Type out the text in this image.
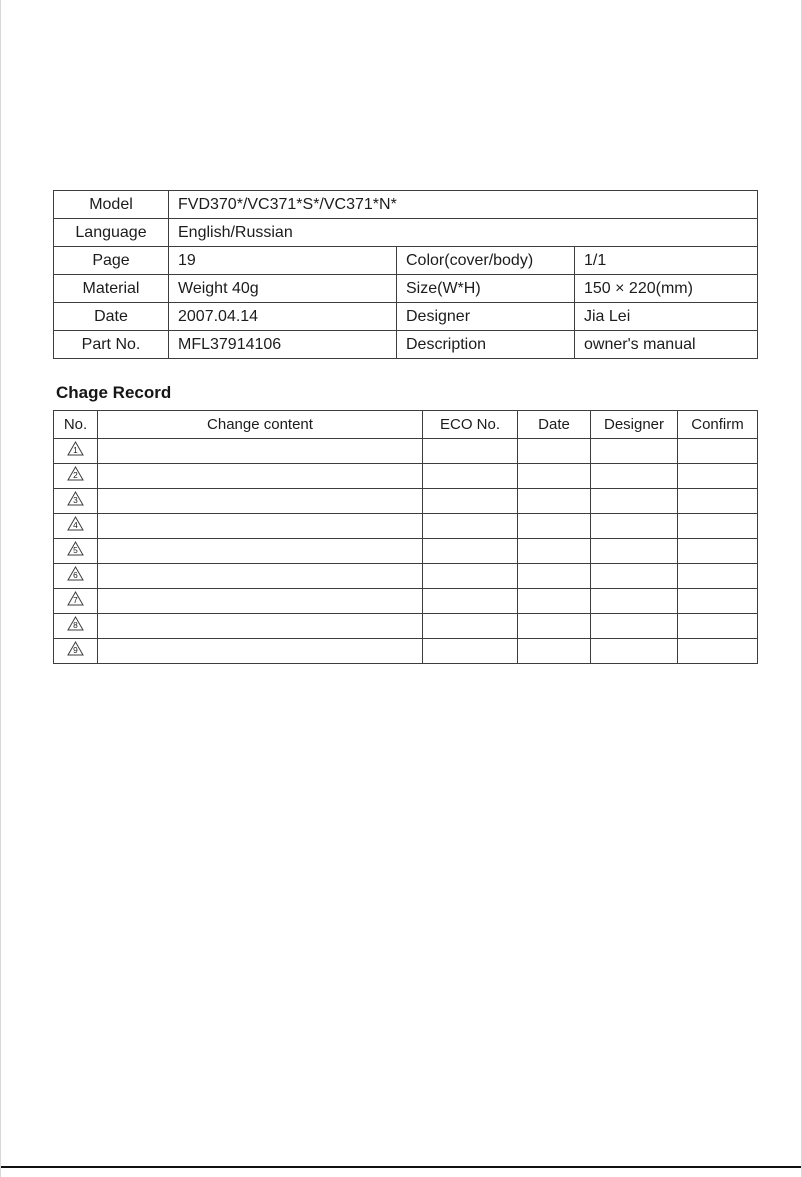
Model	FVD370*/VC371*S*/VC371*N*		
Language	English/Russian		
Page	19	Color(cover/body)	1/1
Material	Weight 40g	Size(W*H)	150 × 220(mm)
Date	2007.04.14	Designer	Jia Lei
Part No.	MFL37914106	Description	owner's manual
Chage Record
No.	Change content	ECO No.	Date	Designer	Confirm

1					

2					

3					

4					

5					

6					

7					

8					

9					
